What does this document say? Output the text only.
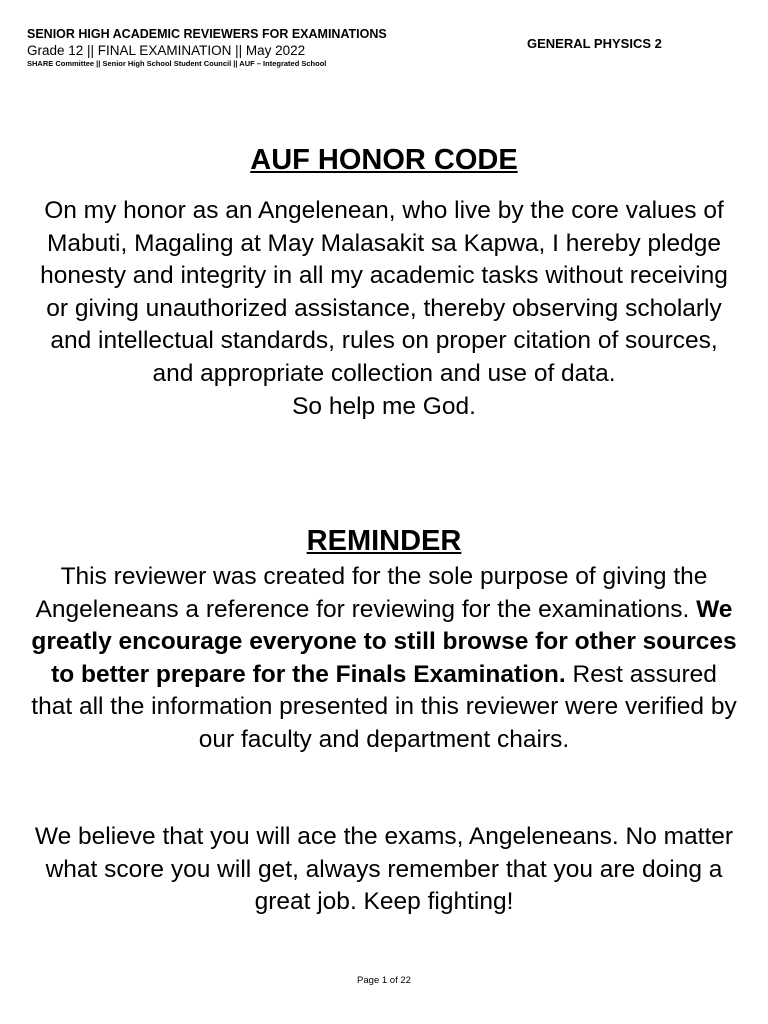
SENIOR HIGH ACADEMIC REVIEWERS FOR EXAMINATIONS
Grade 12 || FINAL EXAMINATION || May 2022
SHARE Committee || Senior High School Student Council || AUF – Integrated School
GENERAL PHYSICS 2
AUF HONOR CODE

On my honor as an Angelenean, who live by the core values of Mabuti, Magaling at May Malasakit sa Kapwa, I hereby pledge honesty and integrity in all my academic tasks without receiving or giving unauthorized assistance, thereby observing scholarly and intellectual standards, rules on proper citation of sources, and appropriate collection and use of data.
So help me God.

REMINDER

This reviewer was created for the sole purpose of giving the Angeleneans a reference for reviewing for the examinations. We greatly encourage everyone to still browse for other sources to better prepare for the Finals Examination. Rest assured that all the information presented in this reviewer were verified by our faculty and department chairs.

We believe that you will ace the exams, Angeleneans. No matter what score you will get, always remember that you are doing a great job. Keep fighting!

Page 1 of 22
